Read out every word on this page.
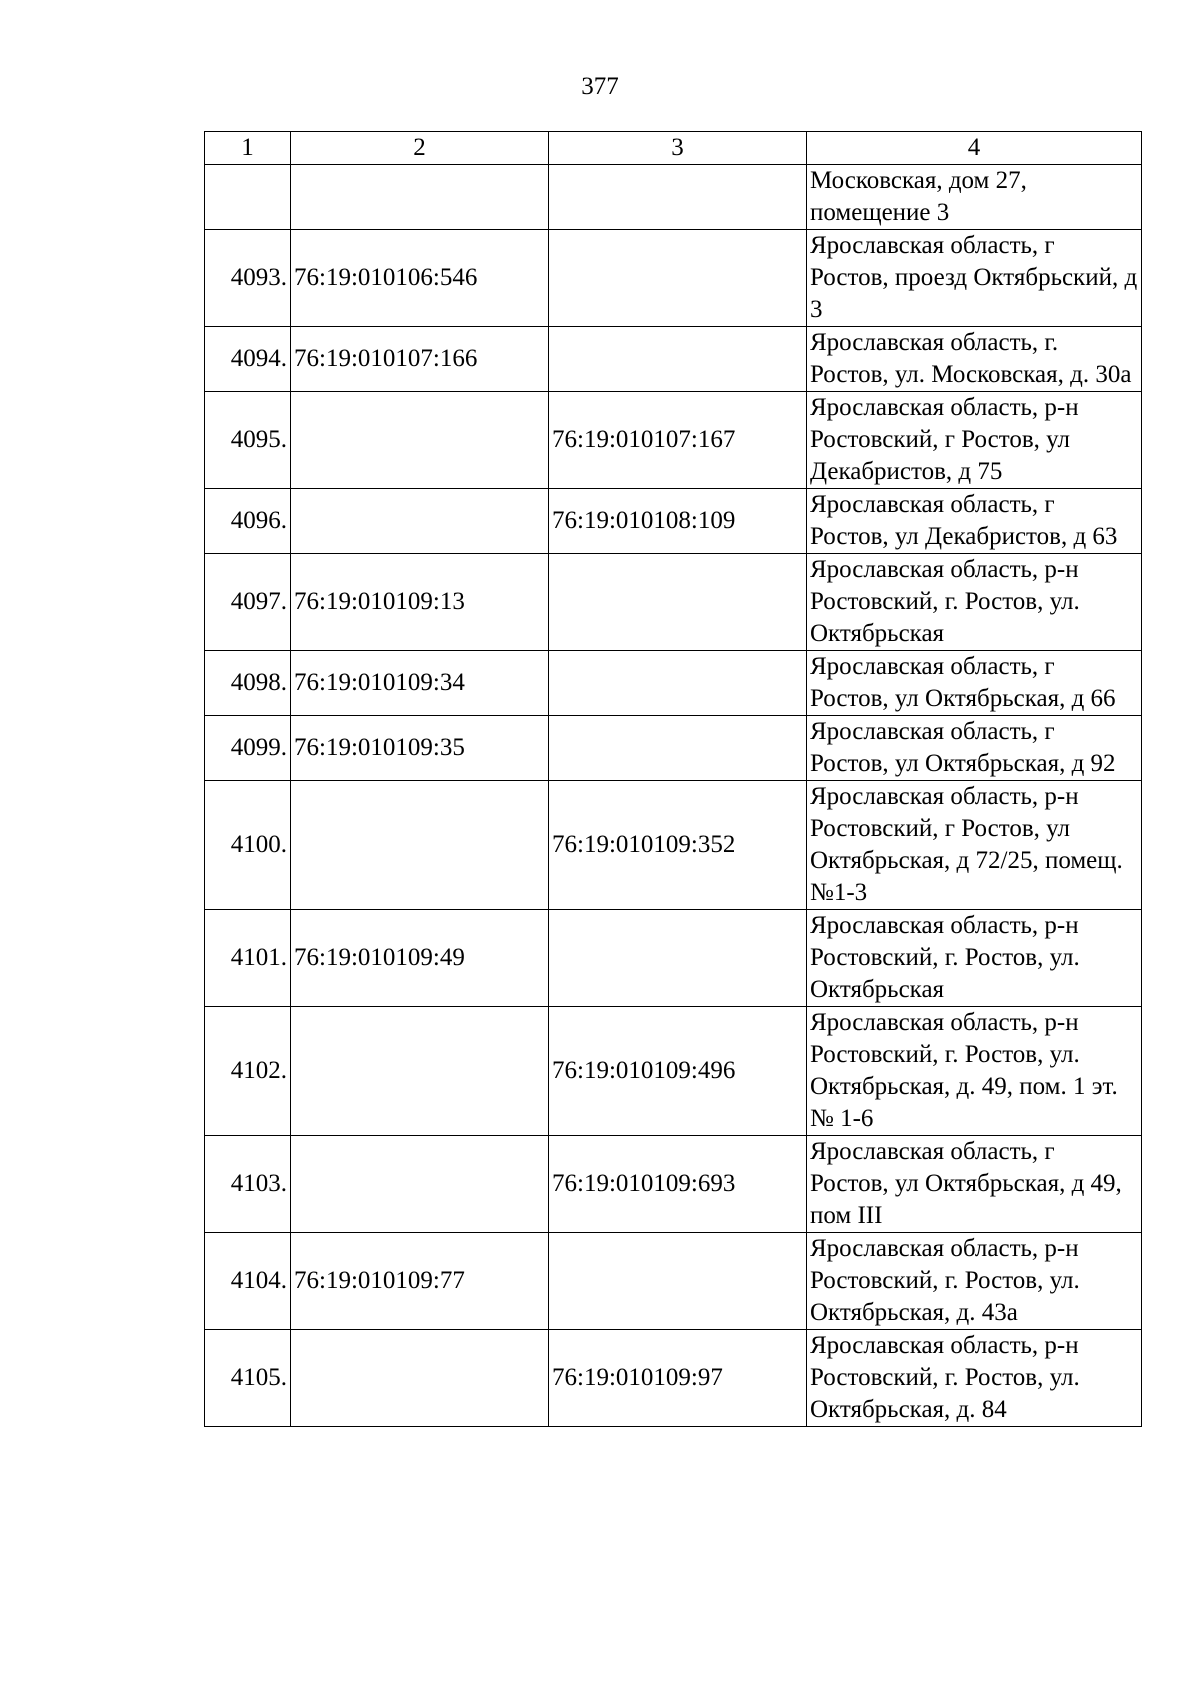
377
1	2	3	4
			Московская, дом 27, помещение 3
4093.	76:19:010106:546		Ярославская область, г Ростов, проезд Октябрьский, д 3
4094.	76:19:010107:166		Ярославская область, г. Ростов, ул. Московская, д. 30а
4095.		76:19:010107:167	Ярославская область, р-н Ростовский, г Ростов, ул Декабристов, д 75
4096.		76:19:010108:109	Ярославская область, г Ростов, ул Декабристов, д 63
4097.	76:19:010109:13		Ярославская область, р-н Ростовский, г. Ростов, ул. Октябрьская
4098.	76:19:010109:34		Ярославская область, г Ростов, ул Октябрьская, д 66
4099.	76:19:010109:35		Ярославская область, г Ростов, ул Октябрьская, д 92
4100.		76:19:010109:352	Ярославская область, р-н Ростовский, г Ростов, ул Октябрьская, д 72/25, помещ. №1-3
4101.	76:19:010109:49		Ярославская область, р-н Ростовский, г. Ростов, ул. Октябрьская
4102.		76:19:010109:496	Ярославская область, р-н Ростовский, г. Ростов, ул. Октябрьская, д. 49, пом. 1 эт. № 1-6
4103.		76:19:010109:693	Ярославская область, г Ростов, ул Октябрьская, д 49, пом III
4104.	76:19:010109:77		Ярославская область, р-н Ростовский, г. Ростов, ул. Октябрьская, д. 43а
4105.		76:19:010109:97	Ярославская область, р-н Ростовский, г. Ростов, ул. Октябрьская, д. 84
